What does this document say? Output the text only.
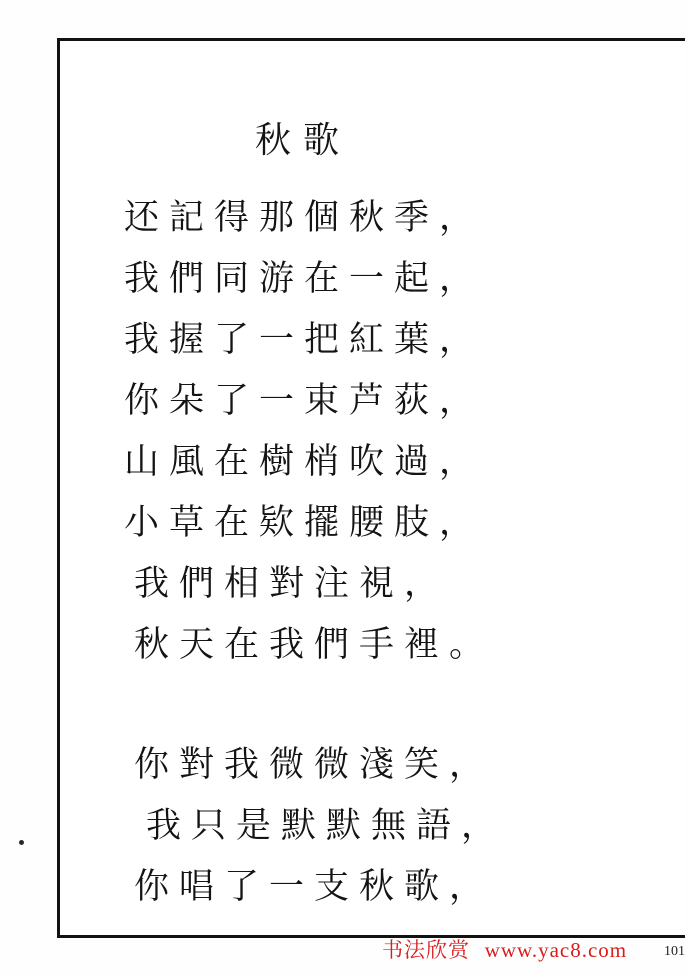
秋歌
还記得那個秋季，
我們同游在一起，
我握了一把紅葉，
你朵了一束芦荻，
山風在樹梢吹過，
小草在欵擺腰肢，
我們相對注視，
秋天在我們手裡。
你對我微微淺笑，
我只是默默無語，
你唱了一支秋歌，
书法欣赏 www.yac8.com	101
